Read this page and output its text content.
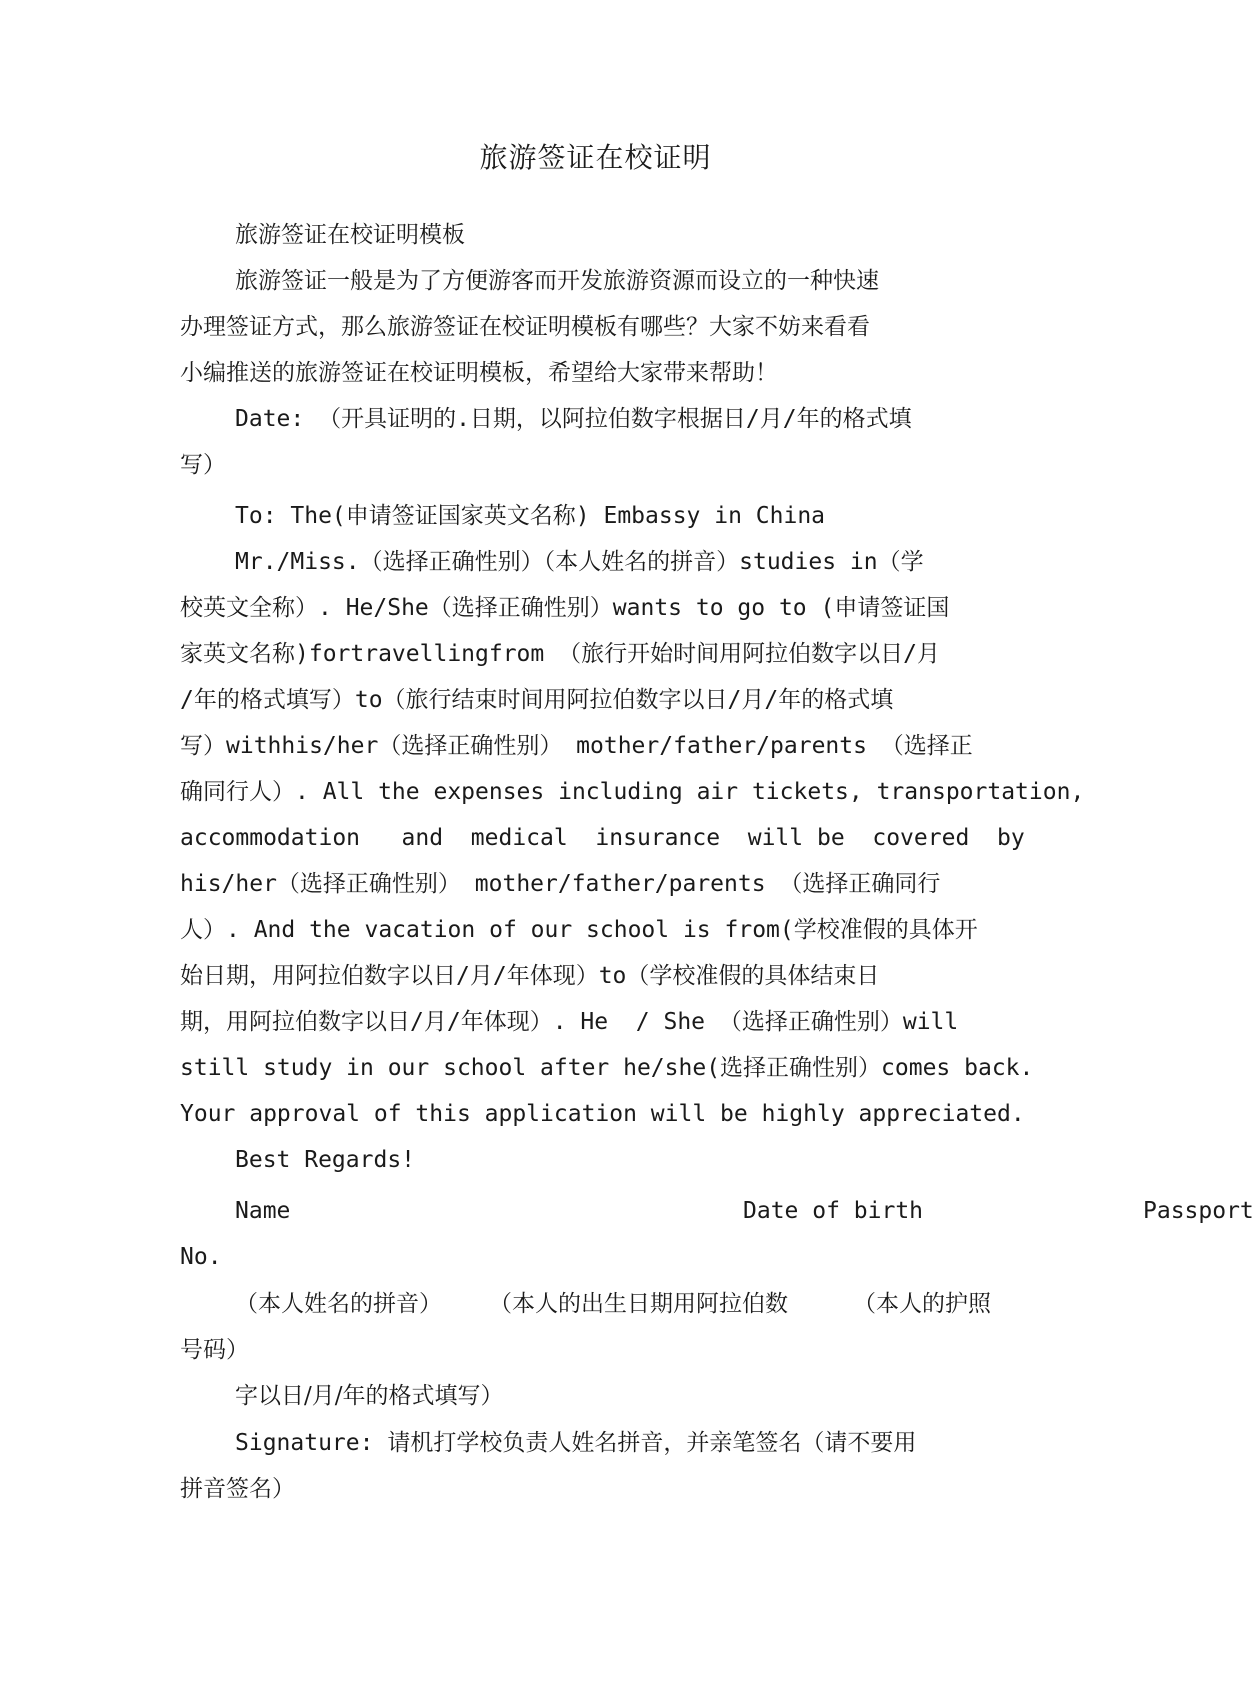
旅游签证在校证明
旅游签证在校证明模板
旅游签证一般是为了方便游客而开发旅游资源而设立的一种快速
办理签证方式，那么旅游签证在校证明模板有哪些？大家不妨来看看
小编推送的旅游签证在校证明模板，希望给大家带来帮助！
Date: （开具证明的.日期，以阿拉伯数字根据日/月/年的格式填
写）
To: The(申请签证国家英文名称) Embassy in China
Mr./Miss.（选择正确性别）（本人姓名的拼音）studies in（学
校英文全称）. He/She（选择正确性别）wants to go to (申请签证国
家英文名称)fortravellingfrom （旅行开始时间用阿拉伯数字以日/月
/年的格式填写）to（旅行结束时间用阿拉伯数字以日/月/年的格式填
写）withhis/her（选择正确性别） mother/father/parents （选择正
确同行人）. All the expenses including air tickets, transportation,
accommodation   and  medical  insurance  will be  covered  by
his/her（选择正确性别） mother/father/parents （选择正确同行
人）. And the vacation of our school is from(学校准假的具体开
始日期，用阿拉伯数字以日/月/年体现）to（学校准假的具体结束日
期，用阿拉伯数字以日/月/年体现）. He  / She （选择正确性别）will
still study in our school after he/she(选择正确性别）comes back.
Your approval of this application will be highly appreciated.
Best Regards!
Name	Date of birth	Passport
No.
（本人姓名的拼音） （本人的出生日期用阿拉伯数	（本人的护照
号码）
字以日/月/年的格式填写）
Signature: 请机打学校负责人姓名拼音，并亲笔签名（请不要用
拼音签名）
